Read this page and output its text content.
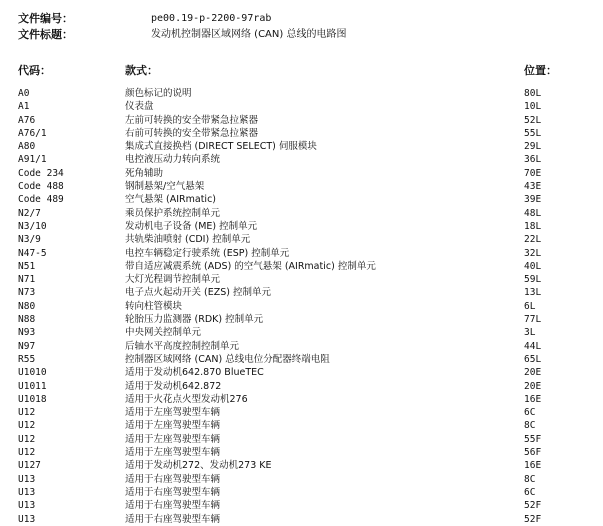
文件编号：	pe00.19-p-2200-97rab
文件标题：	发动机控制器区域网络 (CAN) 总线的电路图
代码：	款式：	位置：
A0	颜色标记的说明	80L
A1	仪表盘	10L
A76	左前可转换的安全带紧急拉紧器	52L
A76/1	右前可转换的安全带紧急拉紧器	55L
A80	集成式直接换档 (DIRECT SELECT) 伺服模块	29L
A91/1	电控液压动力转向系统	36L
Code 234	死角辅助	70E
Code 488	钢制悬架/空气悬架	43E
Code 489	空气悬架 (AIRmatic)	39E
N2/7	乘员保护系统控制单元	48L
N3/10	发动机电子设备 (ME) 控制单元	18L
N3/9	共轨柴油喷射 (CDI) 控制单元	22L
N47-5	电控车辆稳定行驶系统 (ESP) 控制单元	32L
N51	带自适应减震系统 (ADS) 的空气悬架 (AIRmatic) 控制单元	40L
N71	大灯光程调节控制单元	59L
N73	电子点火起动开关 (EZS) 控制单元	13L
N80	转向柱管模块	6L
N88	轮胎压力监测器 (RDK) 控制单元	77L
N93	中央网关控制单元	3L
N97	后轴水平高度控制控制单元	44L
R55	控制器区域网络 (CAN) 总线电位分配器终端电阻	65L
U1010	适用于发动机642.870 BlueTEC	20E
U1011	适用于发动机642.872	20E
U1018	适用于火花点火型发动机276	16E
U12	适用于左座驾驶型车辆	6C
U12	适用于左座驾驶型车辆	8C
U12	适用于左座驾驶型车辆	55F
U12	适用于左座驾驶型车辆	56F
U127	适用于发动机272、发动机273 KE	16E
U13	适用于右座驾驶型车辆	8C
U13	适用于右座驾驶型车辆	6C
U13	适用于右座驾驶型车辆	52F
U13	适用于右座驾驶型车辆	52F
